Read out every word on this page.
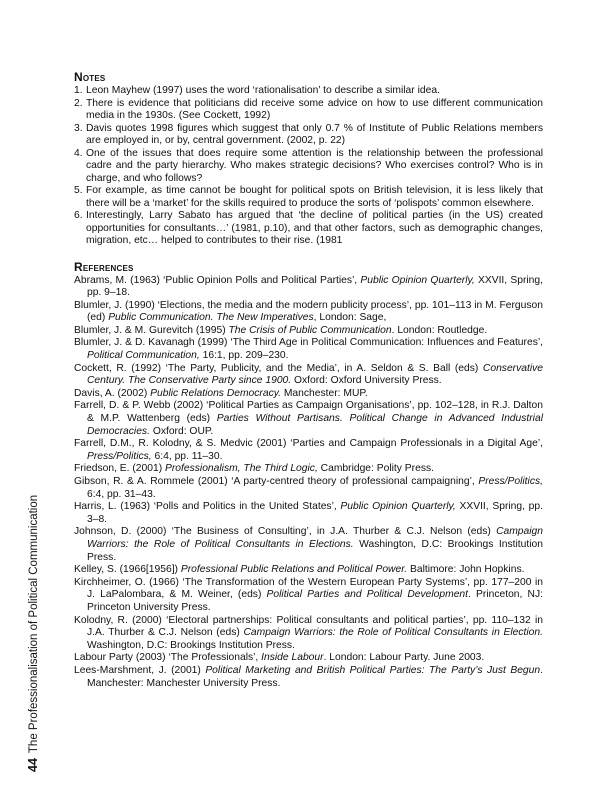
Notes
1. Leon Mayhew (1997) uses the word ‘rationalisation’ to describe a similar idea.
2. There is evidence that politicians did receive some advice on how to use different communication media in the 1930s. (See Cockett, 1992)
3. Davis quotes 1998 figures which suggest that only 0.7 % of Institute of Public Relations members are employed in, or by, central government. (2002, p. 22)
4. One of the issues that does require some attention is the relationship between the professional cadre and the party hierarchy. Who makes strategic decisions? Who exercises control? Who is in charge, and who follows?
5. For example, as time cannot be bought for political spots on British television, it is less likely that there will be a ‘market’ for the skills required to produce the sorts of ‘polispots’ common elsewhere.
6. Interestingly, Larry Sabato has argued that ‘the decline of political parties (in the US) created opportunities for consultants…’ (1981, p.10), and that other factors, such as demographic changes, migration, etc… helped to contributes to their rise. (1981
References
Abrams, M. (1963) ‘Public Opinion Polls and Political Parties’, Public Opinion Quarterly, XXVII, Spring, pp. 9–18.
Blumler, J. (1990) ‘Elections, the media and the modern publicity process’, pp. 101–113 in M. Ferguson (ed) Public Communication. The New Imperatives, London: Sage,
Blumler, J. & M. Gurevitch (1995) The Crisis of Public Communication. London: Routledge.
Blumler, J. & D. Kavanagh (1999) ‘The Third Age in Political Communication: Influences and Features’, Political Communication, 16:1, pp. 209–230.
Cockett, R. (1992) ‘The Party, Publicity, and the Media’, in A. Seldon & S. Ball (eds) Conservative Century. The Conservative Party since 1900. Oxford: Oxford University Press.
Davis, A. (2002) Public Relations Democracy. Manchester: MUP.
Farrell, D. & P. Webb (2002) ‘Political Parties as Campaign Organisations’, pp. 102–128, in R.J. Dalton & M.P. Wattenberg (eds) Parties Without Partisans. Political Change in Advanced Industrial Democracies. Oxford: OUP.
Farrell, D.M., R. Kolodny, & S. Medvic (2001) ‘Parties and Campaign Professionals in a Digital Age’, Press/Politics, 6:4, pp. 11–30.
Friedson, E. (2001) Professionalism, The Third Logic, Cambridge: Polity Press.
Gibson, R. & A. Rommele (2001) ‘A party-centred theory of professional campaigning’, Press/Politics, 6:4, pp. 31–43.
Harris, L. (1963) ‘Polls and Politics in the United States’, Public Opinion Quarterly, XXVII, Spring, pp. 3–8.
Johnson, D. (2000) ‘The Business of Consulting’, in J.A. Thurber & C.J. Nelson (eds) Campaign Warriors: the Role of Political Consultants in Elections. Washington, D.C: Brookings Institution Press.
Kelley, S. (1966[1956]) Professional Public Relations and Political Power. Baltimore: John Hopkins.
Kirchheimer, O. (1966) ‘The Transformation of the Western European Party Systems’, pp. 177–200 in J. LaPalombara, & M. Weiner, (eds) Political Parties and Political Development. Princeton, NJ: Princeton University Press.
Kolodny, R. (2000) ‘Electoral partnerships: Political consultants and political parties’, pp. 110–132 in J.A. Thurber & C.J. Nelson (eds) Campaign Warriors: the Role of Political Consultants in Election. Washington, D.C: Brookings Institution Press.
Labour Party (2003) ‘The Professionals’, Inside Labour. London: Labour Party. June 2003.
Lees-Marshment, J. (2001) Political Marketing and British Political Parties: The Party’s Just Begun. Manchester: Manchester University Press.
44The Professionalisation of Political Communication
